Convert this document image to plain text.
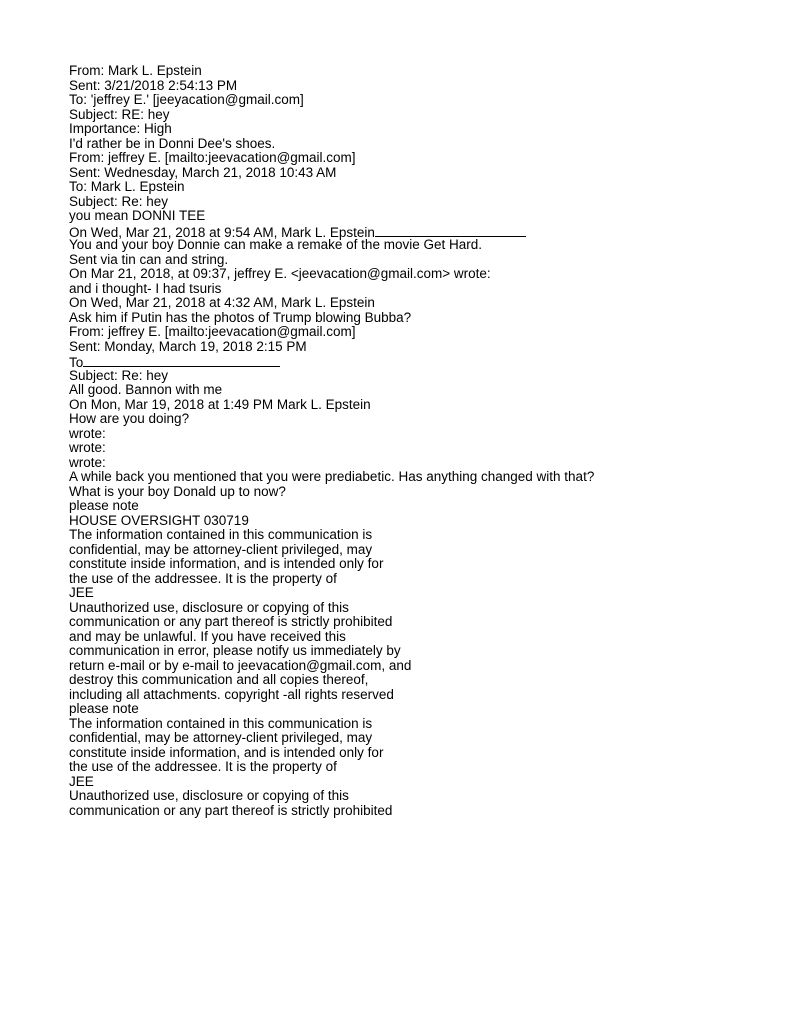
From: Mark L. Epstein
Sent: 3/21/2018 2:54:13 PM
To: 'jeffrey E.' [jeeyacation@gmail.com]
Subject: RE: hey
Importance: High
I'd rather be in Donni Dee's shoes.
From: jeffrey E. [mailto:jeevacation@gmail.com]
Sent: Wednesday, March 21, 2018 10:43 AM
To: Mark L. Epstein
Subject: Re: hey
you mean DONNI TEE
On Wed, Mar 21, 2018 at 9:54 AM, Mark L. Epstein
You and your boy Donnie can make a remake of the movie Get Hard.
Sent via tin can and string.
On Mar 21, 2018, at 09:37, jeffrey E. <jeevacation@gmail.com> wrote:
and i thought- I had tsuris
On Wed, Mar 21, 2018 at 4:32 AM, Mark L. Epstein
Ask him if Putin has the photos of Trump blowing Bubba?
From: jeffrey E. [mailto:jeevacation@gmail.com]
Sent: Monday, March 19, 2018 2:15 PM
To
Subject: Re: hey
All good. Bannon with me
On Mon, Mar 19, 2018 at 1:49 PM Mark L. Epstein
How are you doing?
wrote:
wrote:
wrote:
A while back you mentioned that you were prediabetic. Has anything changed with that?
What is your boy Donald up to now?
please note
HOUSE OVERSIGHT 030719
The information contained in this communication is
confidential, may be attorney-client privileged, may
constitute inside information, and is intended only for
the use of the addressee. It is the property of
JEE
Unauthorized use, disclosure or copying of this
communication or any part thereof is strictly prohibited
and may be unlawful. If you have received this
communication in error, please notify us immediately by
return e-mail or by e-mail to jeevacation@gmail.com, and
destroy this communication and all copies thereof,
including all attachments. copyright -all rights reserved
please note
The information contained in this communication is
confidential, may be attorney-client privileged, may
constitute inside information, and is intended only for
the use of the addressee. It is the property of
JEE
Unauthorized use, disclosure or copying of this
communication or any part thereof is strictly prohibited
